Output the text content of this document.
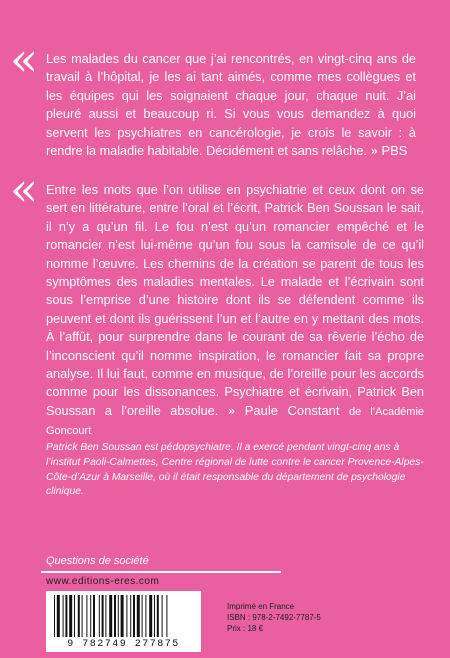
« Les malades du cancer que j’ai rencontrés, en vingt-cinq ans de travail à l’hôpital, je les ai tant aimés, comme mes collègues et les équipes qui les soignaient chaque jour, chaque nuit. J’ai pleuré aussi et beaucoup ri. Si vous vous demandez à quoi servent les psychiatres en cancérologie, je crois le savoir : à rendre la maladie habitable. Décidément et sans relâche. » PBS

« Entre les mots que l’on utilise en psychiatrie et ceux dont on se sert en littérature, entre l’oral et l’écrit, Patrick Ben Soussan le sait, il n’y a qu’un fil. Le fou n’est qu’un romancier empêché et le romancier n’est lui-même qu’un fou sous la camisole de ce qu’il nomme l’œuvre. Les chemins de la création se parent de tous les symptômes des maladies mentales. Le malade et l’écrivain sont sous l’emprise d’une histoire dont ils se défendent comme ils peuvent et dont ils guérissent l’un et l’autre en y mettant des mots. À l’affût, pour surprendre dans le courant de sa rêverie l’écho de l’inconscient qu’il nomme inspiration, le romancier fait sa propre analyse. Il lui faut, comme en musique, de l’oreille pour les accords comme pour les dissonances. Psychiatre et écrivain, Patrick Ben Soussan a l’oreille absolue. » Paule Constant de l’Académie Goncourt

Patrick Ben Soussan est pédopsychiatre. Il a exercé pendant vingt-cinq ans à l’institut Paoli-Calmettes, Centre régional de lutte contre le cancer Provence-Alpes-Côte-d’Azur à Marseille, où il était responsable du département de psychologie clinique.

Questions de société

www.editions-eres.com

9 782749 277875

Imprimé en France
ISBN : 978-2-7492-7787-5
Prix : 18 €
